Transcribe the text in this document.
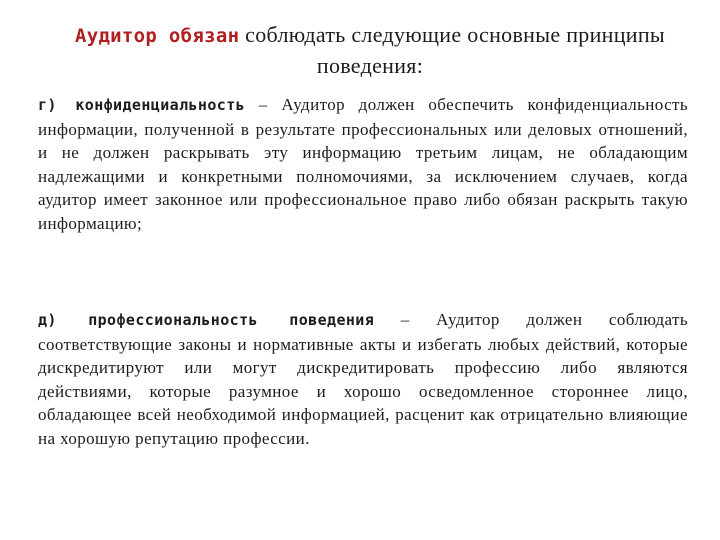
Аудитор обязан соблюдать следующие основные принципы поведения:
г) конфиденциальность – Аудитор должен обеспечить конфиденциальность информации, полученной в результате профессиональных или деловых отношений, и не должен раскрывать эту информацию третьим лицам, не обладающим надлежащими и конкретными полномочиями, за исключением случаев, когда аудитор имеет законное или профессиональное право либо обязан раскрыть такую информацию;
д) профессиональность поведения – Аудитор должен соблюдать соответствующие законы и нормативные акты и избегать любых действий, которые дискредитируют или могут дискредитировать профессию либо являются действиями, которые разумное и хорошо осведомленное стороннее лицо, обладающее всей необходимой информацией, расценит как отрицательно влияющие на хорошую репутацию профессии.
